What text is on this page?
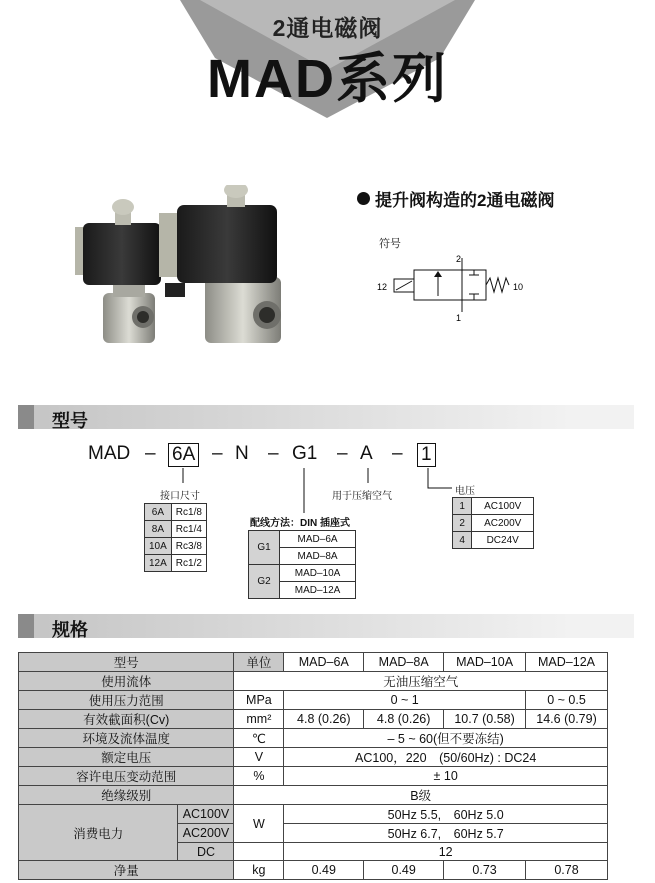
2通电磁阀
MAD系列
提升阀构造的2通电磁阀
符号
2
12
1
10
型号
MAD – 6A – N – G1 – A – 1
接口尺寸
6A	Rc1/8
8A	Rc1/4
10A	Rc3/8
12A	Rc1/2
配线方法：DIN 插座式
G1	MAD–6A
	MAD–8A
G2	MAD–10A
	MAD–12A
用于压缩空气	电压
1	AC100V
2	AC200V
4	DC24V
规格
型号		单位	MAD–6A	MAD–8A	MAD–10A	MAD–12A
使用流体		无油压缩空气				
使用压力范围		MPa	0 ~ 1			0 ~ 0.5
有效截面积(Cv)		mm²	4.8 (0.26)	4.8 (0.26)	10.7 (0.58)	14.6 (0.79)
环境及流体温度		℃	– 5 ~ 60(但不要冻结)			
额定电压		V	AC100，220　(50/60Hz) : DC24			
容许电压变动范围		%	± 10			
绝缘级别		B级				
消费电力	AC100V	W	50Hz 5.5,　60Hz 5.0			
	AC200V		50Hz 6.7,　60Hz 5.7			
	DC		12			
净量		kg	0.49	0.49	0.73	0.78
